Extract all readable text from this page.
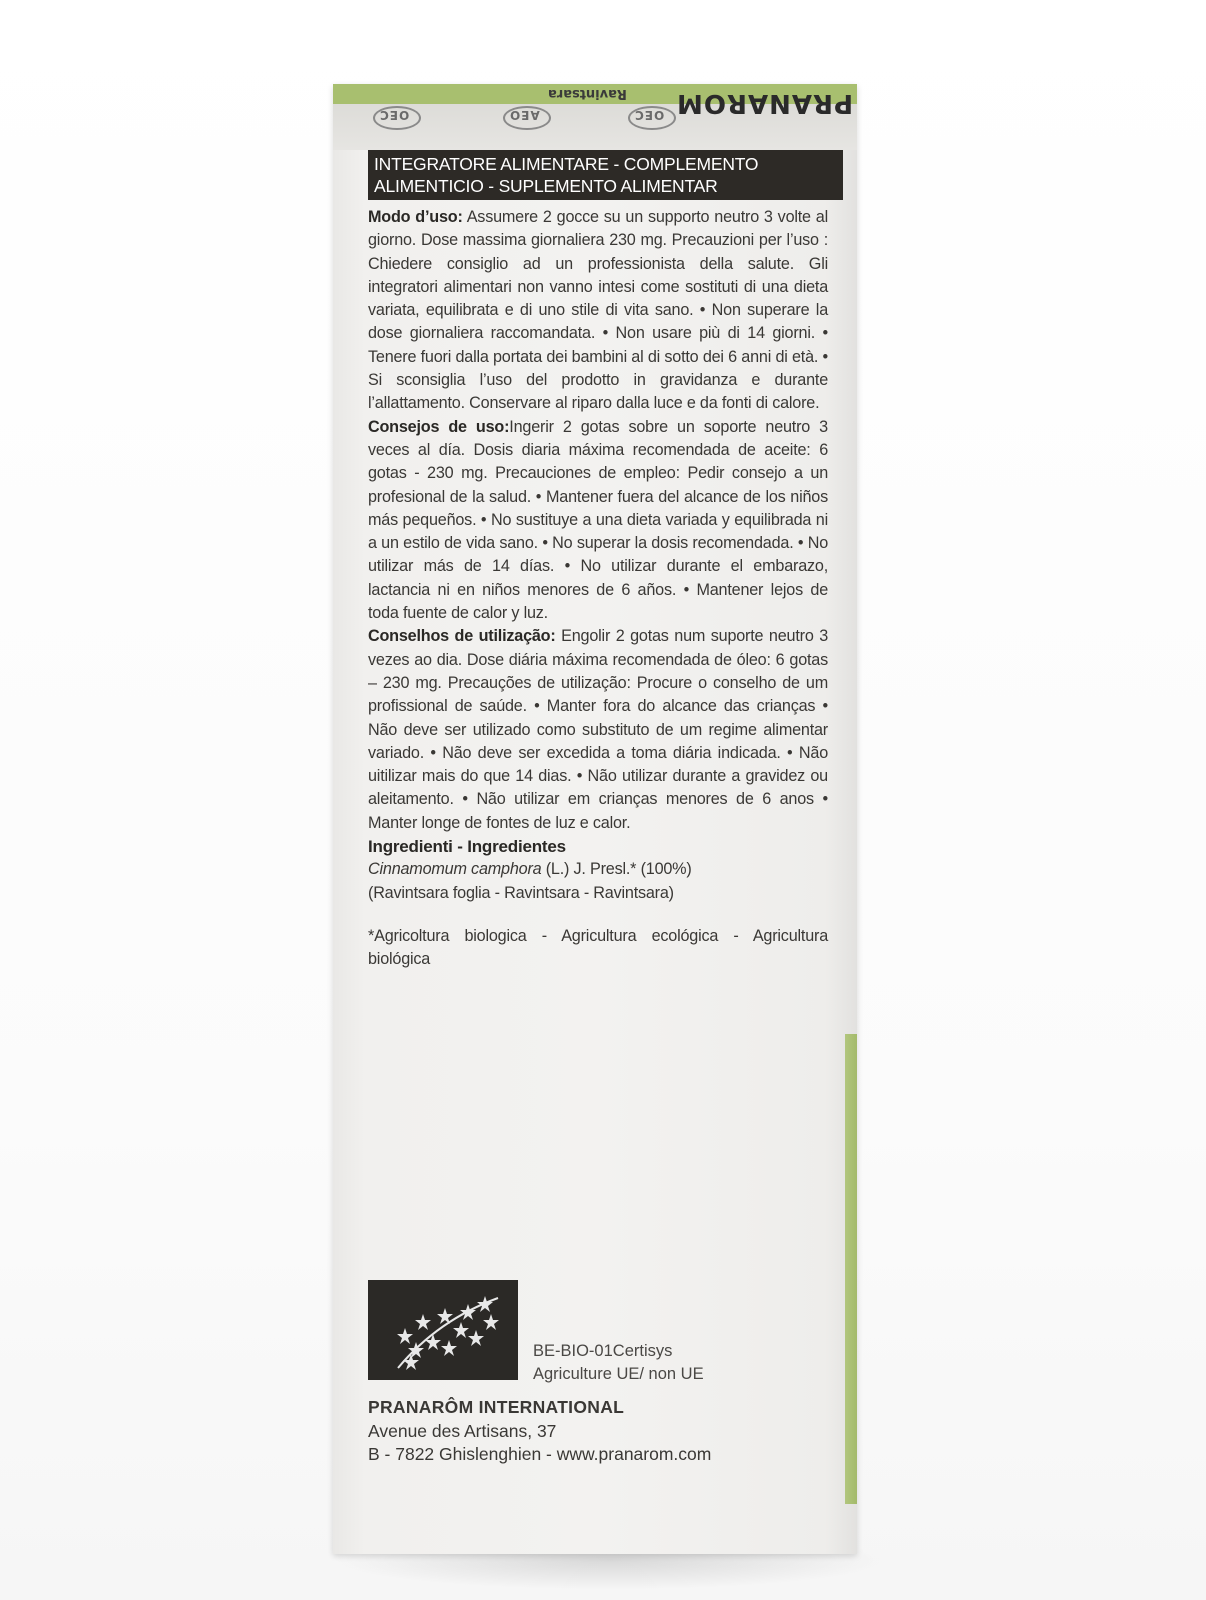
Ravintsara PRANAROM
OEC	AEO	OEC
INTEGRATORE ALIMENTARE - COMPLEMENTO
ALIMENTICIO - SUPLEMENTO ALIMENTAR

Modo d’uso: Assumere 2 gocce su un supporto neutro 3 volte al giorno. Dose massima giornaliera 230 mg. Precauzioni per l’uso : Chiedere consiglio ad un professionista della salute. Gli integratori alimentari non vanno intesi come sostituti di una dieta variata, equilibrata e di uno stile di vita sano. • Non superare la dose giornaliera raccomandata. • Non usare più di 14 giorni. • Tenere fuori dalla portata dei bambini al di sotto dei 6 anni di età. • Si sconsiglia l’uso del prodotto in gravidanza e durante l’allattamento. Conservare al riparo dalla luce e da fonti di calore.

Consejos de uso:Ingerir 2 gotas sobre un soporte neutro 3 veces al día. Dosis diaria máxima recomendada de aceite: 6 gotas - 230 mg. Precauciones de empleo: Pedir consejo a un profesional de la salud. • Mantener fuera del alcance de los niños más pequeños. • No sustituye a una dieta variada y equilibrada ni a un estilo de vida sano. • No superar la dosis recomendada. • No utilizar más de 14 días. • No utilizar durante el embarazo, lactancia ni en niños menores de 6 años. • Mantener lejos de toda fuente de calor y luz.

Conselhos de utilização: Engolir 2 gotas num suporte neutro 3 vezes ao dia. Dose diária máxima recomendada de óleo: 6 gotas – 230 mg. Precauções de utilização: Procure o conselho de um profissional de saúde. • Manter fora do alcance das crianças • Não deve ser utilizado como substituto de um regime alimentar variado. • Não deve ser excedida a toma diária indicada. • Não uitilizar mais do que 14 dias. • Não utilizar durante a gravidez ou aleitamento. • Não utilizar em crianças menores de 6 anos • Manter longe de fontes de luz e calor.

Ingredienti - Ingredientes

Cinnamomum camphora (L.) J. Presl.* (100%)

(Ravintsara foglia - Ravintsara - Ravintsara)

*Agricoltura biologica - Agricultura ecológica - Agricultura biológica

BE-BIO-01Certisys
Agriculture UE/ non UE
PRANARÔM INTERNATIONAL
Avenue des Artisans, 37
B - 7822 Ghislenghien - www.pranarom.com
